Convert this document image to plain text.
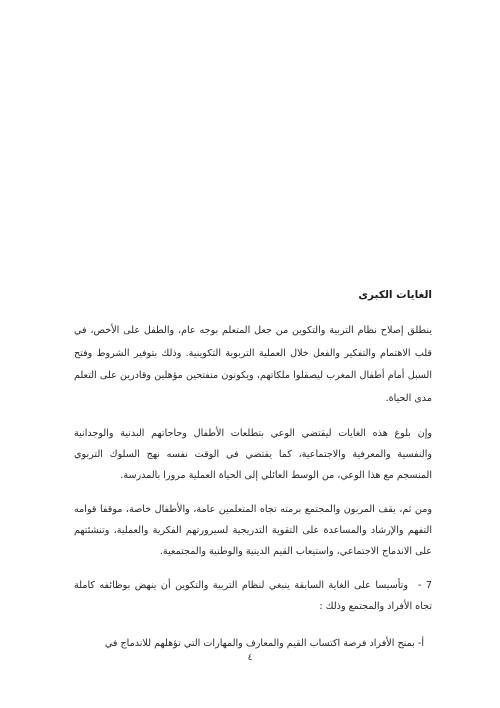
الغايات الكبرى

ينطلق إصلاح نظام التربية والتكوين من جعل المتعلم بوجه عام، والطفل على الأخص، في قلب الاهتمام والتفكير والفعل خلال العملية التربوية التكوينية. وذلك بتوفير الشروط وفتح السبل أمام أطفال المغرب ليصقلوا ملكاتهم، ويكونون منفتحين مؤهلين وقادرين على التعلم مدى الحياة.

وإن بلوغ هذه الغايات ليقتضي الوعي بتطلعات الأطفال وحاجاتهم البدنية والوجدانية والنفسية والمعرفية والاجتماعية، كما يقتضي في الوقت نفسه نهج السلوك التربوي المنسجم مع هذا الوعي، من الوسط العائلي إلى الحياة العملية مرورا بالمدرسة.

ومن ثم، يقف المربون والمجتمع برمته تجاه المتعلمين عامة، والأطفال خاصة، موقفا قوامه التفهم والإرشاد والمساعدة على التقوية التدريجية لسيرورتهم الفكرية والعملية، وتنشئتهم على الاندماج الاجتماعي، واستيعاب القيم الدينية والوطنية والمجتمعية.

7 -وتأسيسا على الغاية السابقة ينبغي لنظام التربية والتكوين أن ينهض بوظائفه كاملة تجاه الأفراد والمجتمع وذلك :

أ- بمنح الأفراد فرصة اكتساب القيم والمعارف والمهارات التي تؤهلهم للاندماج في

٤
